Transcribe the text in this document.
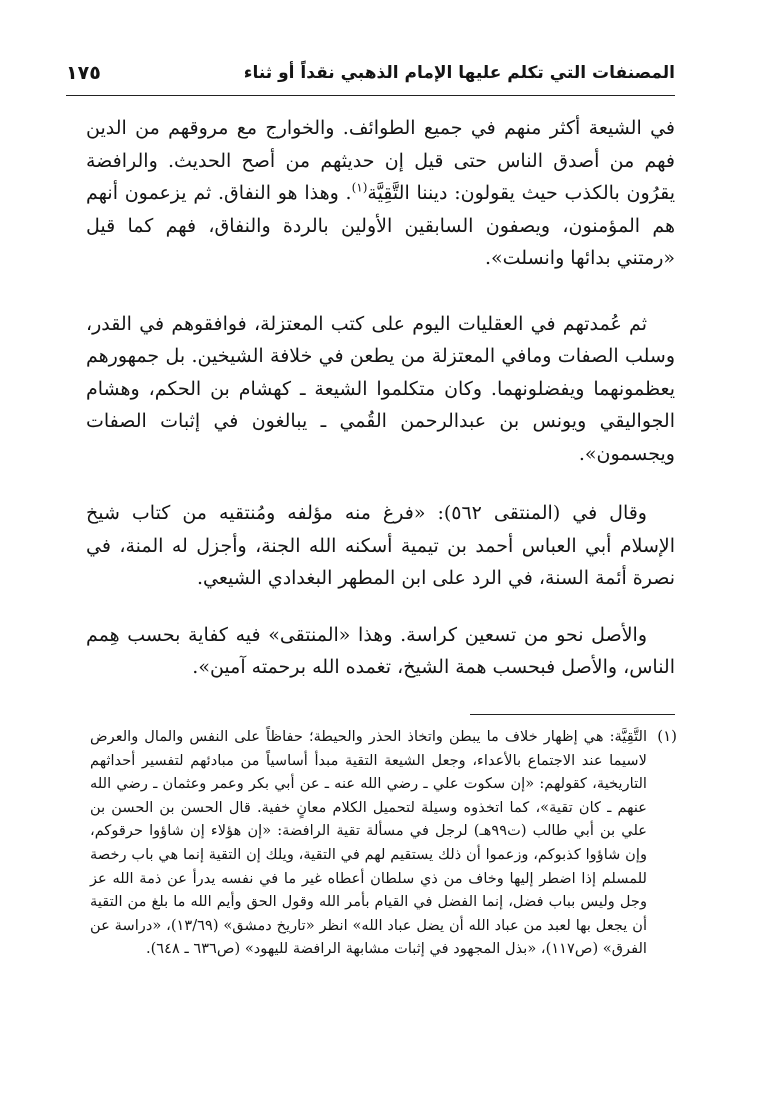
المصنفات التي تكلم عليها الإمام الذهبي نقداً أو ثناء
١٧٥

في الشيعة أكثر منهم في جميع الطوائف. والخوارج مع مروقهم من الدين فهم من أصدق الناس حتى قيل إن حديثهم من أصح الحديث. والرافضة يقرُون بالكذب حيث يقولون: ديننا التَّقِيَّة$^{(١)}$. وهذا هو النفاق. ثم يزعمون أنهم هم المؤمنون، ويصفون السابقين الأولين بالردة والنفاق، فهم كما قيل «رمتني بدائها وانسلت».

ثم عُمدتهم في العقليات اليوم على كتب المعتزلة، فوافقوهم في القدر، وسلب الصفات ومافي المعتزلة من يطعن في خلافة الشيخين. بل جمهورهم يعظمونهما ويفضلونهما. وكان متكلموا الشيعة ـ كهشام بن الحكم، وهشام الجواليقي ويونس بن عبدالرحمن القُمي ـ يبالغون في إثبات الصفات ويجسمون».

وقال في (المنتقى ٥٦٢): «فرغ منه مؤلفه ومُنتقيه من كتاب شيخ الإسلام أبي العباس أحمد بن تيمية أسكنه الله الجنة، وأجزل له المنة، في نصرة أئمة السنة، في الرد على ابن المطهر البغدادي الشيعي.

والأصل نحو من تسعين كراسة. وهذا «المنتقى» فيه كفاية بحسب هِمم الناس، والأصل فبحسب همة الشيخ، تغمده الله برحمته آمين».

(١)
التَّقِيَّة: هي إظهار خلاف ما يبطن واتخاذ الحذر والحيطة؛ حفاظاً على النفس والمال والعرض لاسيما عند الاجتماع بالأعداء، وجعل الشيعة التقية مبدأ أساسياً من مبادئهم لتفسير أحداثهم التاريخية، كقولهم: «إن سكوت علي ـ رضي الله عنه ـ عن أبي بكر وعمر وعثمان ـ رضي الله عنهم ـ كان تقية»، كما اتخذوه وسيلة لتحميل الكلام معانٍ خفية. قال الحسن بن الحسن بن علي بن أبي طالب (ت٩٩هـ) لرجل في مسألة تقية الرافضة: «إن هؤلاء إن شاؤوا حرقوكم، وإن شاؤوا كذبوكم، وزعموا أن ذلك يستقيم لهم في التقية، ويلك إن التقية إنما هي باب رخصة للمسلم إذا اضطر إليها وخاف من ذي سلطان أعطاه غير ما في نفسه يدرأ عن ذمة الله عز وجل وليس بباب فضل، إنما الفضل في القيام بأمر الله وقول الحق وأيم الله ما بلغ من التقية أن يجعل بها لعبد من عباد الله أن يضل عباد الله» انظر «تاريخ دمشق» (١٣/٦٩)، «دراسة عن الفرق» (ص١١٧)، «بذل المجهود في إثبات مشابهة الرافضة لليهود» (ص٦٣٦ ـ ٦٤٨).
